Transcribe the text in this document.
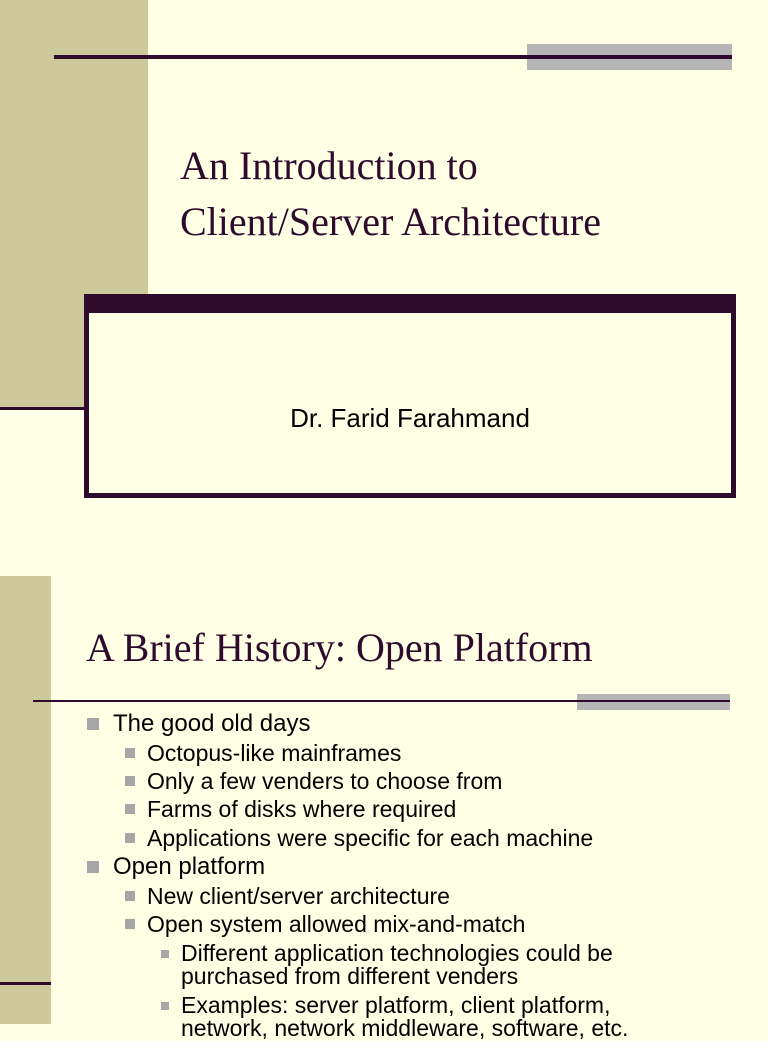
An Introduction to
Client/Server Architecture

Dr. Farid Farahmand

A Brief History: Open Platform
The good old days
Octopus-like mainframes
Only a few venders to choose from
Farms of disks where required
Applications were specific for each machine
Open platform
New client/server architecture
Open system allowed mix-and-match
Different application technologies could be purchased from different venders
Examples: server platform, client platform, network, network middleware, software, etc.
